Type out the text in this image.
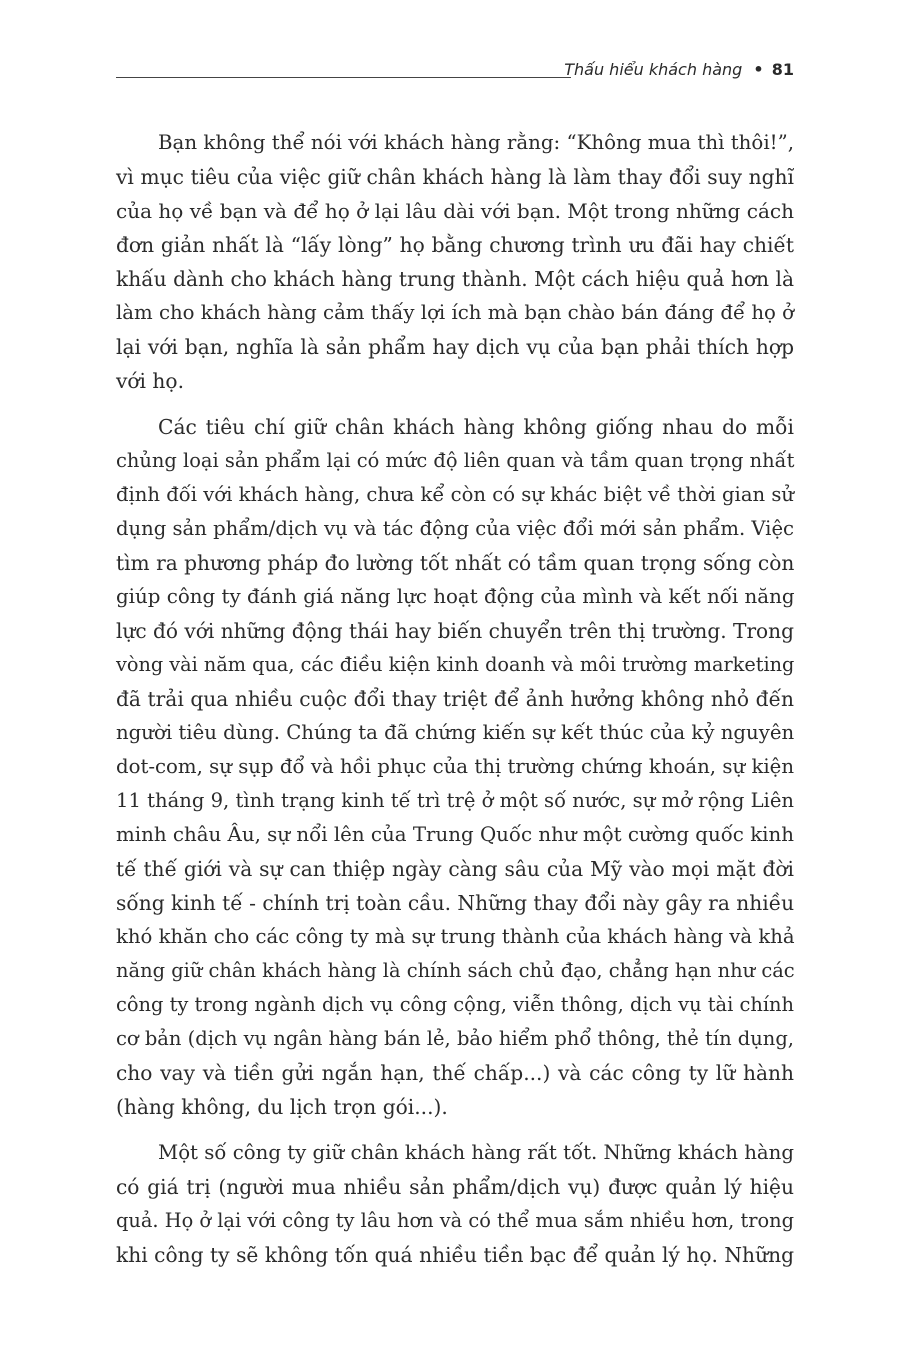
Thấu hiểu khách hàng • 81
Bạn không thể nói với khách hàng rằng: “Không mua thì thôi!”,
vì mục tiêu của việc giữ chân khách hàng là làm thay đổi suy nghĩ
của họ về bạn và để họ ở lại lâu dài với bạn. Một trong những cách
đơn giản nhất là “lấy lòng” họ bằng chương trình ưu đãi hay chiết
khấu dành cho khách hàng trung thành. Một cách hiệu quả hơn là
làm cho khách hàng cảm thấy lợi ích mà bạn chào bán đáng để họ ở
lại với bạn, nghĩa là sản phẩm hay dịch vụ của bạn phải thích hợp
với họ.
Các tiêu chí giữ chân khách hàng không giống nhau do mỗi
chủng loại sản phẩm lại có mức độ liên quan và tầm quan trọng nhất
định đối với khách hàng, chưa kể còn có sự khác biệt về thời gian sử
dụng sản phẩm/dịch vụ và tác động của việc đổi mới sản phẩm. Việc
tìm ra phương pháp đo lường tốt nhất có tầm quan trọng sống còn
giúp công ty đánh giá năng lực hoạt động của mình và kết nối năng
lực đó với những động thái hay biến chuyển trên thị trường. Trong
vòng vài năm qua, các điều kiện kinh doanh và môi trường marketing
đã trải qua nhiều cuộc đổi thay triệt để ảnh hưởng không nhỏ đến
người tiêu dùng. Chúng ta đã chứng kiến sự kết thúc của kỷ nguyên
dot-com, sự sụp đổ và hồi phục của thị trường chứng khoán, sự kiện
11 tháng 9, tình trạng kinh tế trì trệ ở một số nước, sự mở rộng Liên
minh châu Âu, sự nổi lên của Trung Quốc như một cường quốc kinh
tế thế giới và sự can thiệp ngày càng sâu của Mỹ vào mọi mặt đời
sống kinh tế - chính trị toàn cầu. Những thay đổi này gây ra nhiều
khó khăn cho các công ty mà sự trung thành của khách hàng và khả
năng giữ chân khách hàng là chính sách chủ đạo, chẳng hạn như các
công ty trong ngành dịch vụ công cộng, viễn thông, dịch vụ tài chính
cơ bản (dịch vụ ngân hàng bán lẻ, bảo hiểm phổ thông, thẻ tín dụng,
cho vay và tiền gửi ngắn hạn, thế chấp...) và các công ty lữ hành
(hàng không, du lịch trọn gói...).
Một số công ty giữ chân khách hàng rất tốt. Những khách hàng
có giá trị (người mua nhiều sản phẩm/dịch vụ) được quản lý hiệu
quả. Họ ở lại với công ty lâu hơn và có thể mua sắm nhiều hơn, trong
khi công ty sẽ không tốn quá nhiều tiền bạc để quản lý họ. Những
